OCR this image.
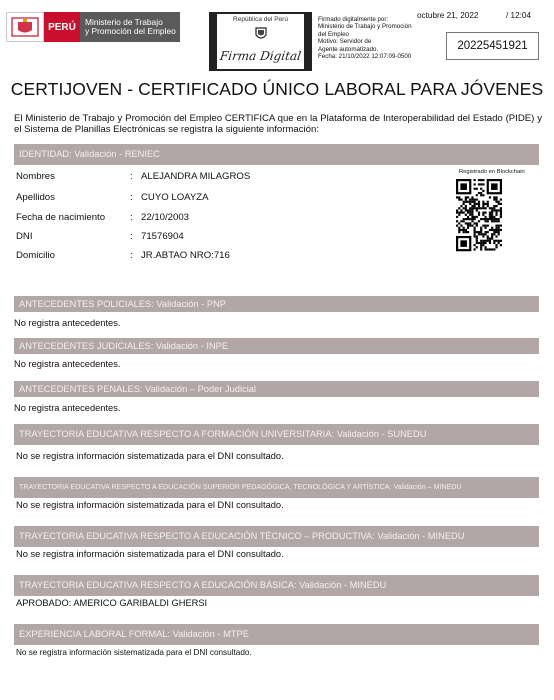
PERÚ	Ministerio de Trabajo
y Promoción del Empleo
República del Perú
Firma Digital
Firmado digitalmente por:
Ministerio de Trabajo y Promoción
del Empleo
Motivo: Servidor de
Agente automatizado.
Fecha: 21/10/2022 12:07:09-0500
octubre 21, 2022	/ 12:04
20225451921
CERTIJOVEN - CERTIFICADO ÚNICO LABORAL PARA JÓVENES
El Ministerio de Trabajo y Promoción del Empleo CERTIFICA que en la Plataforma de Interoperabilidad del Estado (PIDE) y el Sistema de Planillas Electrónicas se registra la siguiente información:
IDENTIDAD: Validación - RENIEC
Nombres	: ALEJANDRA MILAGROS
Apellidos	: CUYO LOAYZA
Fecha de nacimiento	: 22/10/2003
DNI	: 71576904
Domicilio	: JR.ABTAO NRO:716
Registrado en Blockchain
ANTECEDENTES POLICIALES: Validación - PNP
No registra antecedentes.
ANTECEDENTES JUDICIALES: Validación - INPE
No registra antecedentes.
ANTECEDENTES PENALES: Validación – Poder Judicial
No registra antecedentes.
TRAYECTORIA EDUCATIVA RESPECTO A FORMACIÓN UNIVERSITARIA: Validación - SUNEDU
No se registra información sistematizada para el DNI consultado.
TRAYECTORIA EDUCATIVA RESPECTO A EDUCACIÓN SUPERIOR PEDAGÓGICA, TECNOLÓGICA Y ARTÍSTICA: Validación – MINEDU
No se registra información sistematizada para el DNI consultado.
TRAYECTORIA EDUCATIVA RESPECTO A EDUCACIÓN TÉCNICO – PRODUCTIVA: Validación - MINEDU
No se registra información sistematizada para el DNI consultado.
TRAYECTORIA EDUCATIVA RESPECTO A EDUCACIÓN BÁSICA: Validación - MINEDU
APROBADO: AMERICO GARIBALDI GHERSI
EXPERIENCIA LABORAL FORMAL: Validación - MTPE
No se registra información sistematizada para el DNI consultado.
